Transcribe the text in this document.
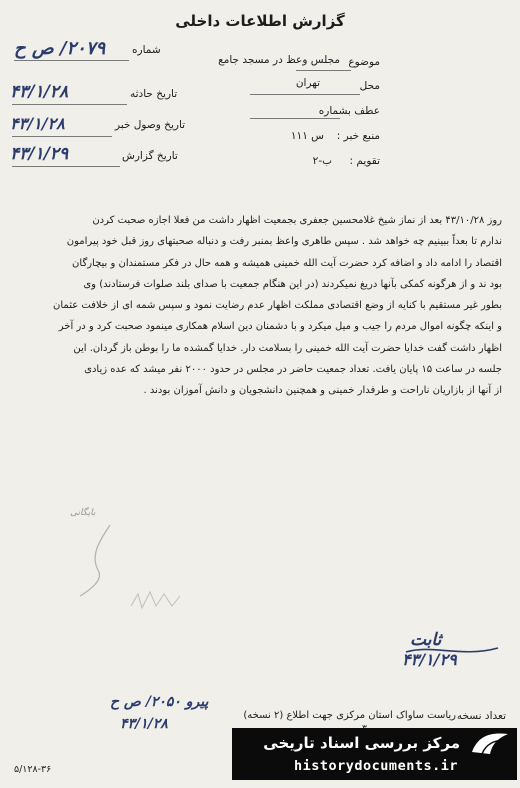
گزارش اطلاعات داخلی
موضوع
مجلس وعظ در مسجد جامع
محل
تهران
عطف بشماره
منبع خبر :
س ۱۱۱
تقویم :
ب-۲
شماره
۲۰۷۹/ ص ح
تاریخ حادثه
۴۳/۱/۲۸
تاریخ وصول خبر
۴۳/۱/۲۸
تاریخ گزارش
۴۳/۱/۲۹

روز ۴۳/۱۰/۲۸ بعد از نماز شیخ غلامحسین جعفری بجمعیت اظهار داشت من فعلا اجازه صحبت کردن

ندارم تا بعداً ببینیم چه خواهد شد . سپس طاهری واعظ بمنبر رفت و دنباله صحبتهای روز قبل خود پیرامون

اقتصاد را ادامه داد و اضافه کرد حضرت آیت الله خمینی همیشه و همه حال در فکر مستمندان و بیچارگان

بود ند و از هرگونه کمکی بآنها دریغ نمیکردند (در این هنگام جمعیت با صدای بلند صلوات فرستادند) وی

بطور غیر مستقیم با کنایه از وضع اقتصادی مملکت اظهار عدم رضایت نمود و سپس شمه ای از خلافت عثمان

و اینکه چگونه اموال مردم را جیب و میل میکرد و با دشمنان دین اسلام همکاری مینمود صحبت کرد و در آخر

اظهار داشت گفت خدایا حضرت آیت الله خمینی را بسلامت دار. خدایا گمشده ما را بوطن باز گردان. این

جلسه در ساعت ۱۵ پایان یافت. تعداد جمعیت حاضر در مجلس در حدود ۲۰۰۰ نفر میشد که عده زیادی

از آنها از بازاریان ناراحت و طرفدار خمینی و همچنین دانشجویان و دانش آموزان بودند .

بایگانی
ثابت
۴۳/۱/۲۹
تعداد نسخه
ریاست ساواک استان مرکزی جهت اطلاع (۲ نسخه)
پیرو ۲۰۵۰/ ص ح
۴۳/۱/۲۸
۵/۱۲۸-۳۶
مرکز بررسی اسناد تاریخی
historydocuments.ir
